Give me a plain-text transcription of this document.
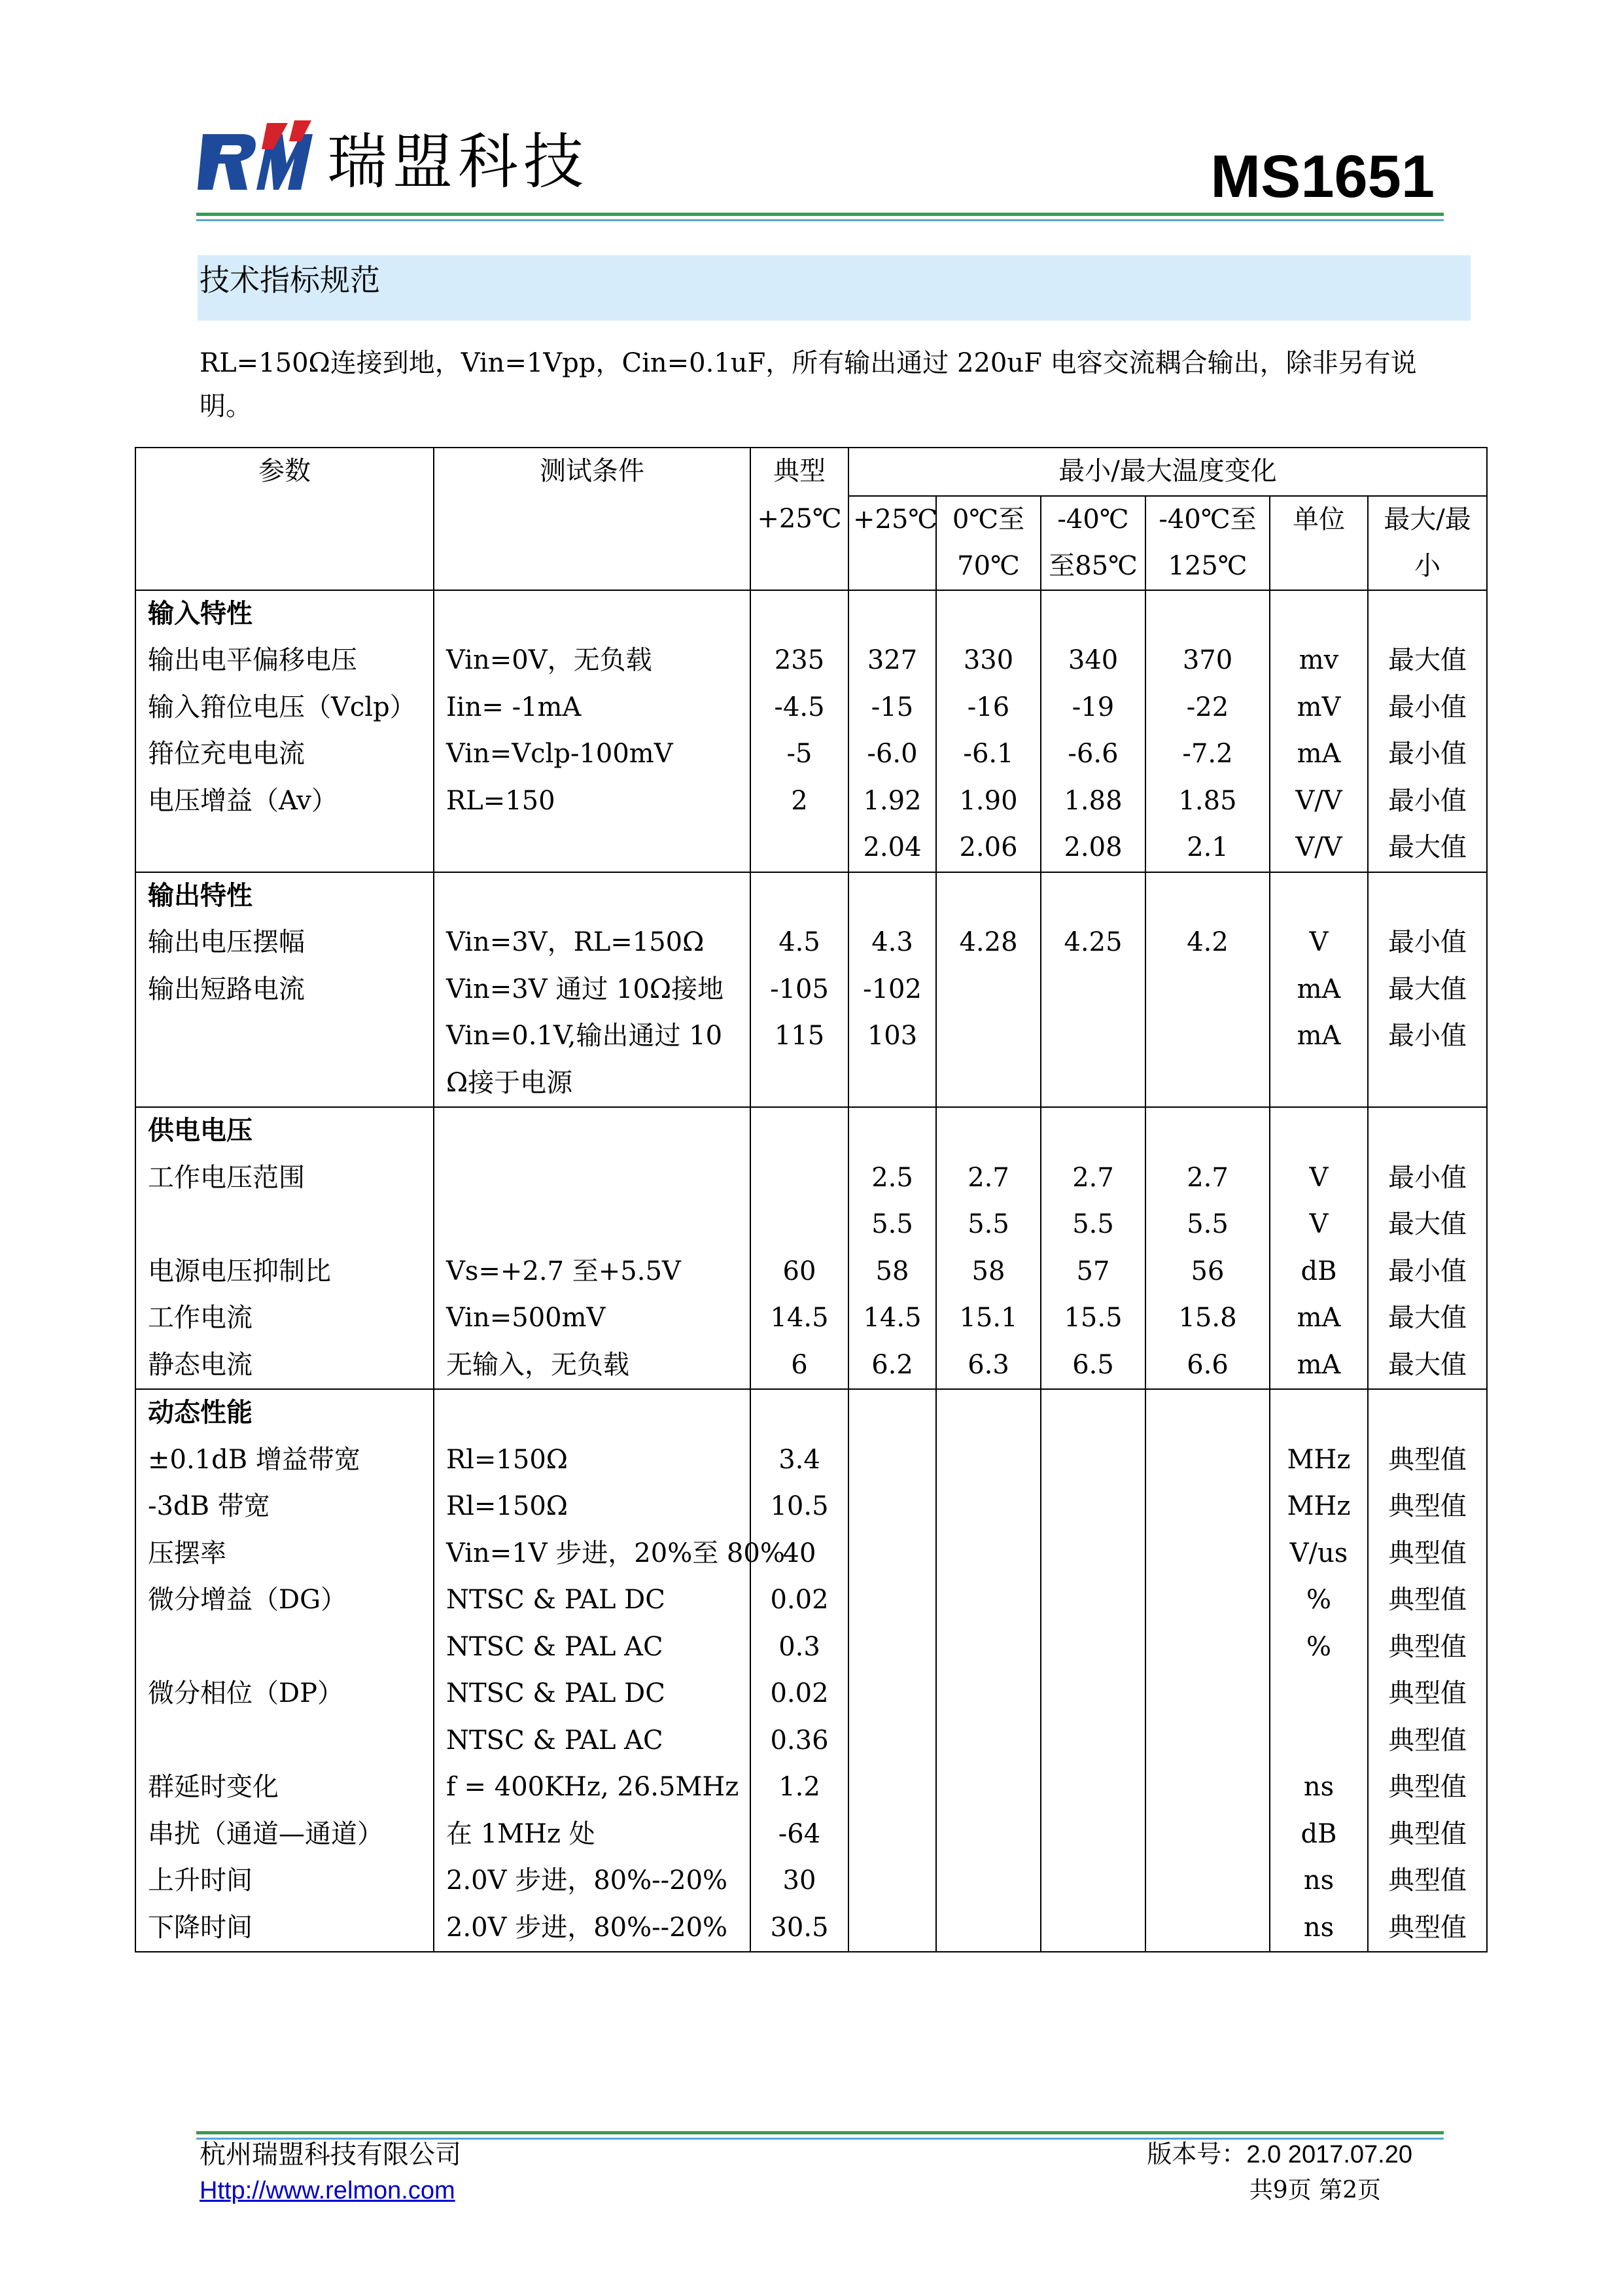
瑞盟科技	MS1651
技术指标规范
RL=150Ω连接到地，Vin=1Vpp，Cin=0.1uF，所有输出通过 220uF 电容交流耦合输出，除非另有说明。
参数	测试条件	典型	最小/最大温度变化					
		+25℃	+25℃	0℃至70℃	-40℃至85℃	-40℃至125℃	单位	最大/最小

输入特性								
输出电平偏移电压	Vin=0V，无负载	235	327	330	340	370	mv	最大值
输入箝位电压（Vclp）	Iin= -1mA	-4.5	-15	-16	-19	-22	mV	最小值
箝位充电电流	Vin=Vclp-100mV	-5	-6.0	-6.1	-6.6	-7.2	mA	最小值
电压增益（Av）	RL=150	2	1.92	1.90	1.88	1.85	V/V	最小值
			2.04	2.06	2.08	2.1	V/V	最大值
输出特性								
输出电压摆幅	Vin=3V，RL=150Ω	4.5	4.3	4.28	4.25	4.2	V	最小值
输出短路电流	Vin=3V 通过 10Ω接地	-105	-102				mA	最大值
	Vin=0.1V,输出通过 10	115	103				mA	最小值
	Ω接于电源							
供电电压								
工作电压范围			2.5	2.7	2.7	2.7	V	最小值
			5.5	5.5	5.5	5.5	V	最大值
电源电压抑制比	Vs=+2.7 至+5.5V	60	58	58	57	56	dB	最小值
工作电流	Vin=500mV	14.5	14.5	15.1	15.5	15.8	mA	最大值
静态电流	无输入，无负载	6	6.2	6.3	6.5	6.6	mA	最大值
动态性能								
±0.1dB 增益带宽	Rl=150Ω	3.4					MHz	典型值
-3dB 带宽	Rl=150Ω	10.5					MHz	典型值
压摆率	Vin=1V 步进，20%至 80%	40					V/us	典型值
微分增益（DG）	NTSC & PAL DC	0.02					%	典型值
	NTSC & PAL AC	0.3					%	典型值
微分相位（DP）	NTSC & PAL DC	0.02						典型值
	NTSC & PAL AC	0.36						典型值
群延时变化	f = 400KHz, 26.5MHz	1.2					ns	典型值
串扰（通道—通道）	在 1MHz 处	-64					dB	典型值
上升时间	2.0V 步进，80%--20%	30					ns	典型值
下降时间	2.0V 步进，80%--20%	30.5					ns	典型值
杭州瑞盟科技有限公司
Http://www.relmon.com
版本号：2.0 2017.07.20
共9页 第2页
